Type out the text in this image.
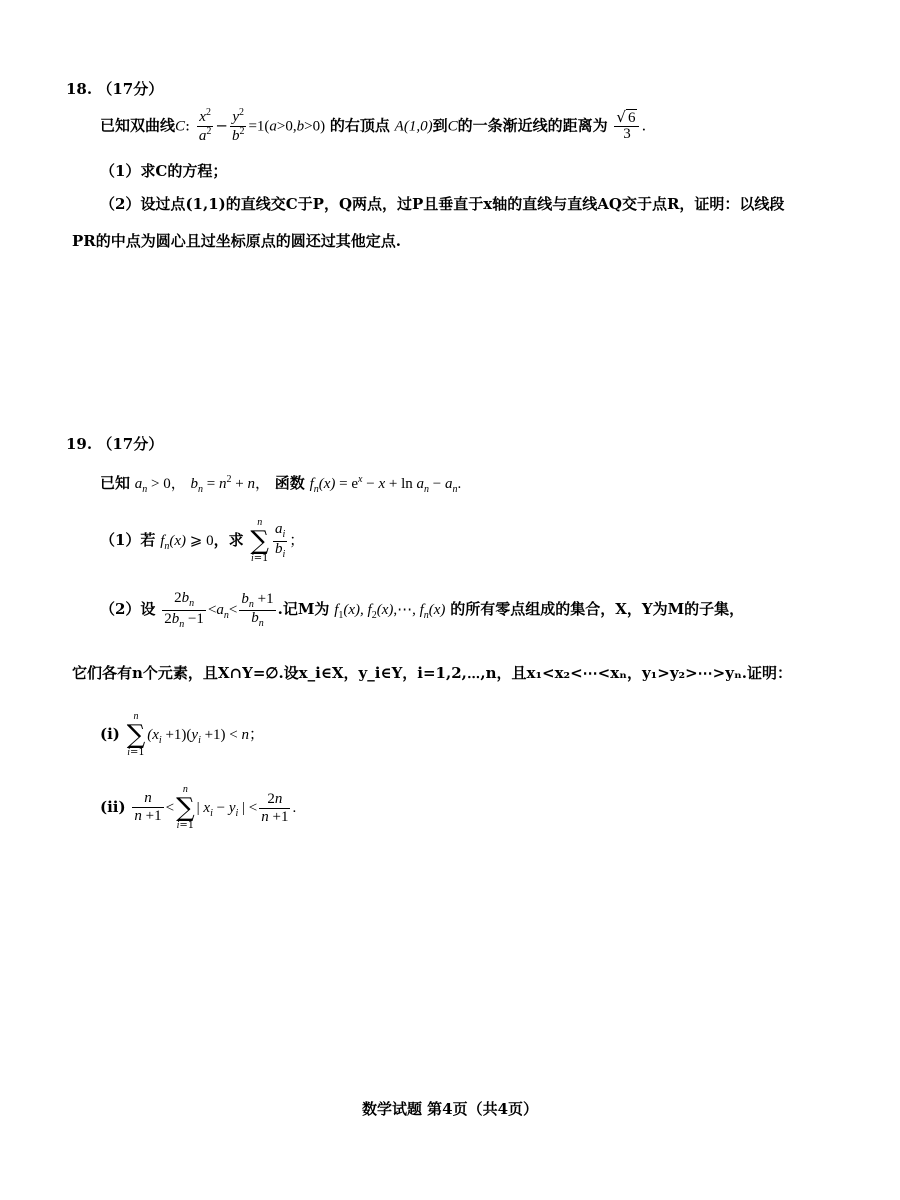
18. （17分）
已知双曲线C: $\frac{x^2}{a^2} - \frac{y^2}{b^2} =1(a>0,b>0)$ 的右顶点 A(1,0)到C的一条渐近线的距离为 $\frac{√ 6}{3}$ .
（1）求C的方程；
（2）设过点(1,1)的直线交C于P，Q两点，过P且垂直于x轴的直线与直线AQ交于点R，证明：以线段
PR的中点为圆心且过坐标原点的圆还过其他定点.
19. （17分）
已知 $a_n > 0$， $b_n = n^2 + n$， 函数 $f_n(x) = e^x - x + \ln a_n - a_n$.
（1）若 $f_n(x)$ ⩾ 0，求
n
∑
$i=1 \frac{a_i}{b_i}$ ；
（2）设 $\frac{2b_n}{2b_n -1} <a_n< \frac{b_n +1}{b_n}$ .记M为 $f_1(x)$, $f_2(x),\cdots$, $f_n(x)$ 的所有零点组成的集合，X，Y为M的子集，
它们各有n个元素，且X∩Y=∅.设x_i∈X，y_i∈Y，i=1,2,⋯,n，且x₁<x₂<⋯<xₙ，y₁>y₂>⋯>yₙ.证明：
(i)
n
∑
i=1
$(x_i +1)(y_i +1) < n$；
$(ii) \frac{n}{n +1}$ <
n
∑
i=1
| $x_i - y_i$ | < $\frac{2n}{n +1}$ .
数学试题 第4页（共4页）
